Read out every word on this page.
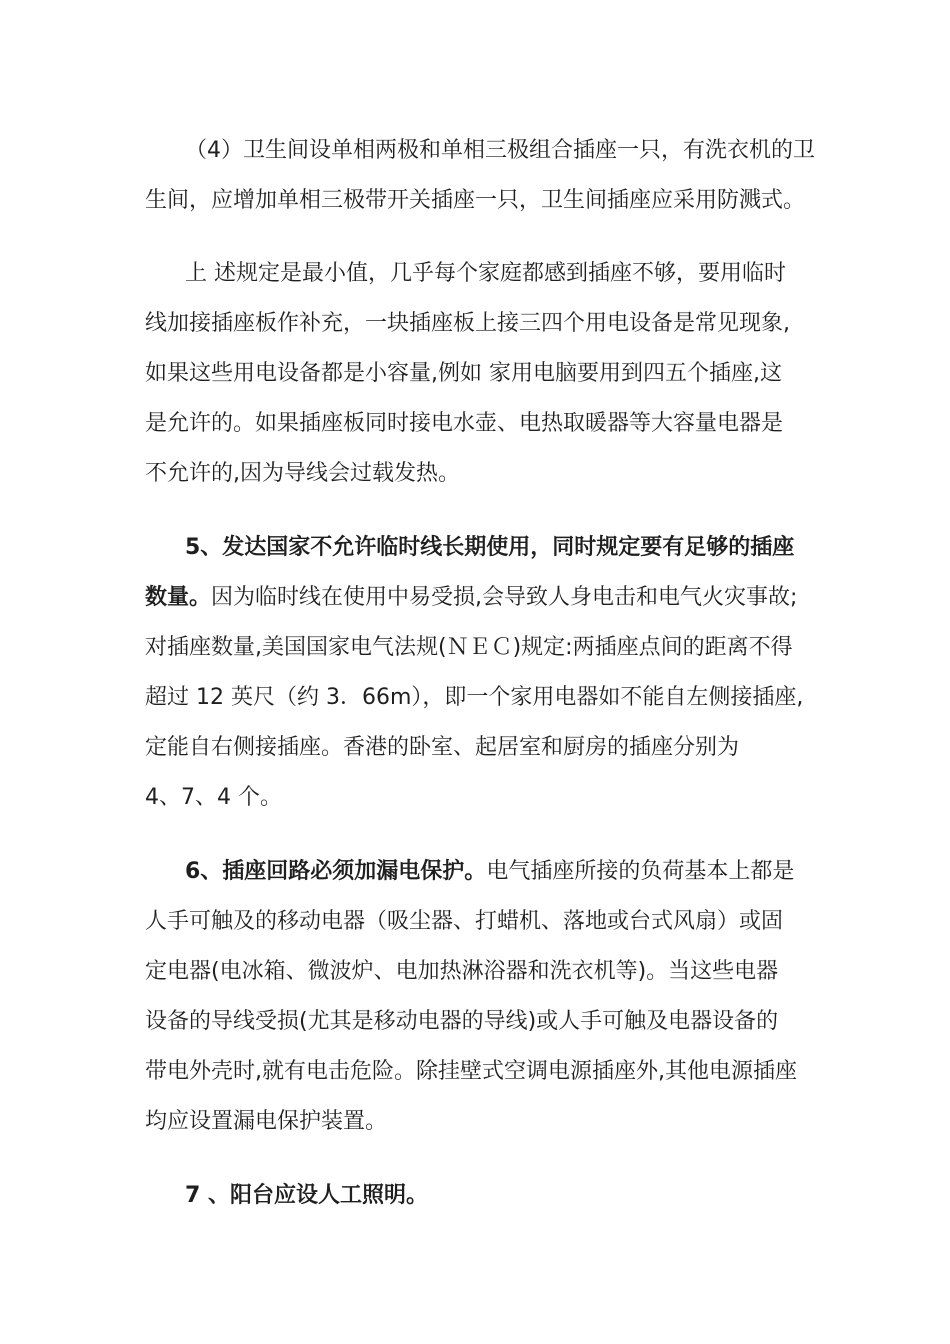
（4）卫生间设单相两极和单相三极组合插座一只，有洗衣机的卫

生间，应增加单相三极带开关插座一只，卫生间插座应采用防溅式。

上 述规定是最小值，几乎每个家庭都感到插座不够，要用临时

线加接插座板作补充，一块插座板上接三四个用电设备是常见现象,

如果这些用电设备都是小容量,例如 家用电脑要用到四五个插座,这

是允许的。如果插座板同时接电水壶、电热取暖器等大容量电器是

不允许的,因为导线会过载发热。

5、发达国家不允许临时线长期使用，同时规定要有足够的插座

数量。因为临时线在使用中易受损,会导致人身电击和电气火灾事故;

对插座数量,美国国家电气法规(ＮＥＣ)规定:两插座点间的距离不得

超过 12 英尺（约 3．66m），即一个家用电器如不能自左侧接插座,

定能自右侧接插座。香港的卧室、起居室和厨房的插座分别为

4、7、4 个。

6、插座回路必须加漏电保护。电气插座所接的负荷基本上都是

人手可触及的移动电器（吸尘器、打蜡机、落地或台式风扇）或固

定电器(电冰箱、微波炉、电加热淋浴器和洗衣机等)。当这些电器

设备的导线受损(尤其是移动电器的导线)或人手可触及电器设备的

带电外壳时,就有电击危险。除挂壁式空调电源插座外,其他电源插座

均应设置漏电保护装置。

7 、阳台应设人工照明。
